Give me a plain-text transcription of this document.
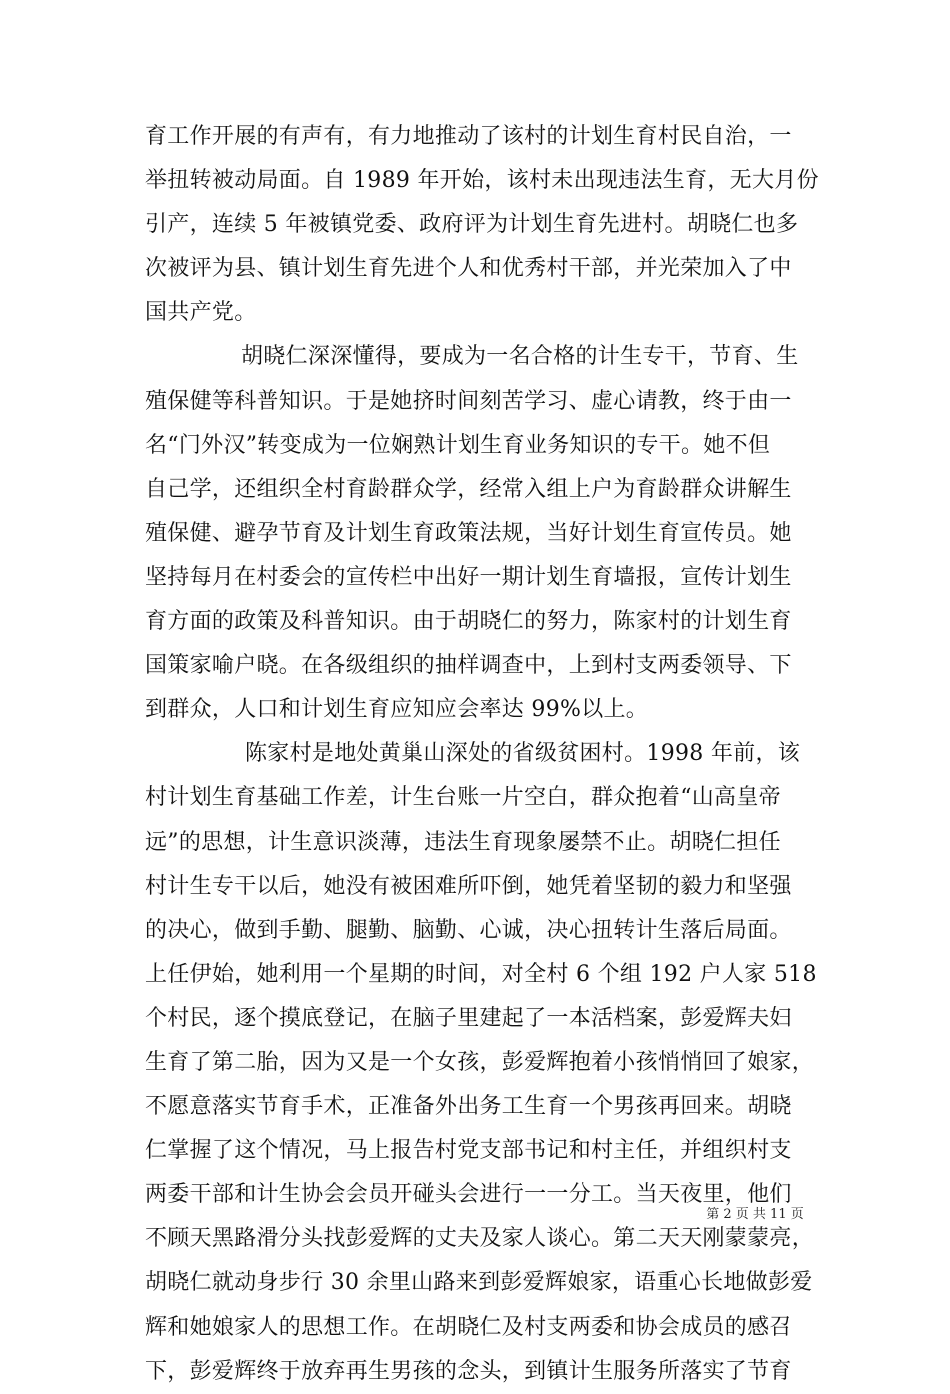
育工作开展的有声有，有力地推动了该村的计划生育村民自治，一
举扭转被动局面。自 1989 年开始，该村未出现违法生育，无大月份
引产，连续 5 年被镇党委、政府评为计划生育先进村。胡晓仁也多
次被评为县、镇计划生育先进个人和优秀村干部，并光荣加入了中
国共产党。
胡晓仁深深懂得，要成为一名合格的计生专干，节育、生
殖保健等科普知识。于是她挤时间刻苦学习、虚心请教，终于由一
名“门外汉”转变成为一位娴熟计划生育业务知识的专干。她不但
自己学，还组织全村育龄群众学，经常入组上户为育龄群众讲解生
殖保健、避孕节育及计划生育政策法规，当好计划生育宣传员。她
坚持每月在村委会的宣传栏中出好一期计划生育墙报，宣传计划生
育方面的政策及科普知识。由于胡晓仁的努力，陈家村的计划生育
国策家喻户晓。在各级组织的抽样调查中，上到村支两委领导、下
到群众，人口和计划生育应知应会率达 99%以上。
陈家村是地处黄巢山深处的省级贫困村。1998 年前，该
村计划生育基础工作差，计生台账一片空白，群众抱着“山高皇帝
远”的思想，计生意识淡薄，违法生育现象屡禁不止。胡晓仁担任
村计生专干以后，她没有被困难所吓倒，她凭着坚韧的毅力和坚强
的决心，做到手勤、腿勤、脑勤、心诚，决心扭转计生落后局面。
上任伊始，她利用一个星期的时间，对全村 6 个组 192 户人家 518
个村民，逐个摸底登记，在脑子里建起了一本活档案，彭爱辉夫妇
生育了第二胎，因为又是一个女孩，彭爱辉抱着小孩悄悄回了娘家，
不愿意落实节育手术，正准备外出务工生育一个男孩再回来。胡晓
仁掌握了这个情况，马上报告村党支部书记和村主任，并组织村支
两委干部和计生协会会员开碰头会进行一一分工。当天夜里，他们
不顾天黑路滑分头找彭爱辉的丈夫及家人谈心。第二天天刚蒙蒙亮，
胡晓仁就动身步行 30 余里山路来到彭爱辉娘家，语重心长地做彭爱
辉和她娘家人的思想工作。在胡晓仁及村支两委和协会成员的感召
下，彭爱辉终于放弃再生男孩的念头，到镇计生服务所落实了节育
第 2 页 共 11 页
